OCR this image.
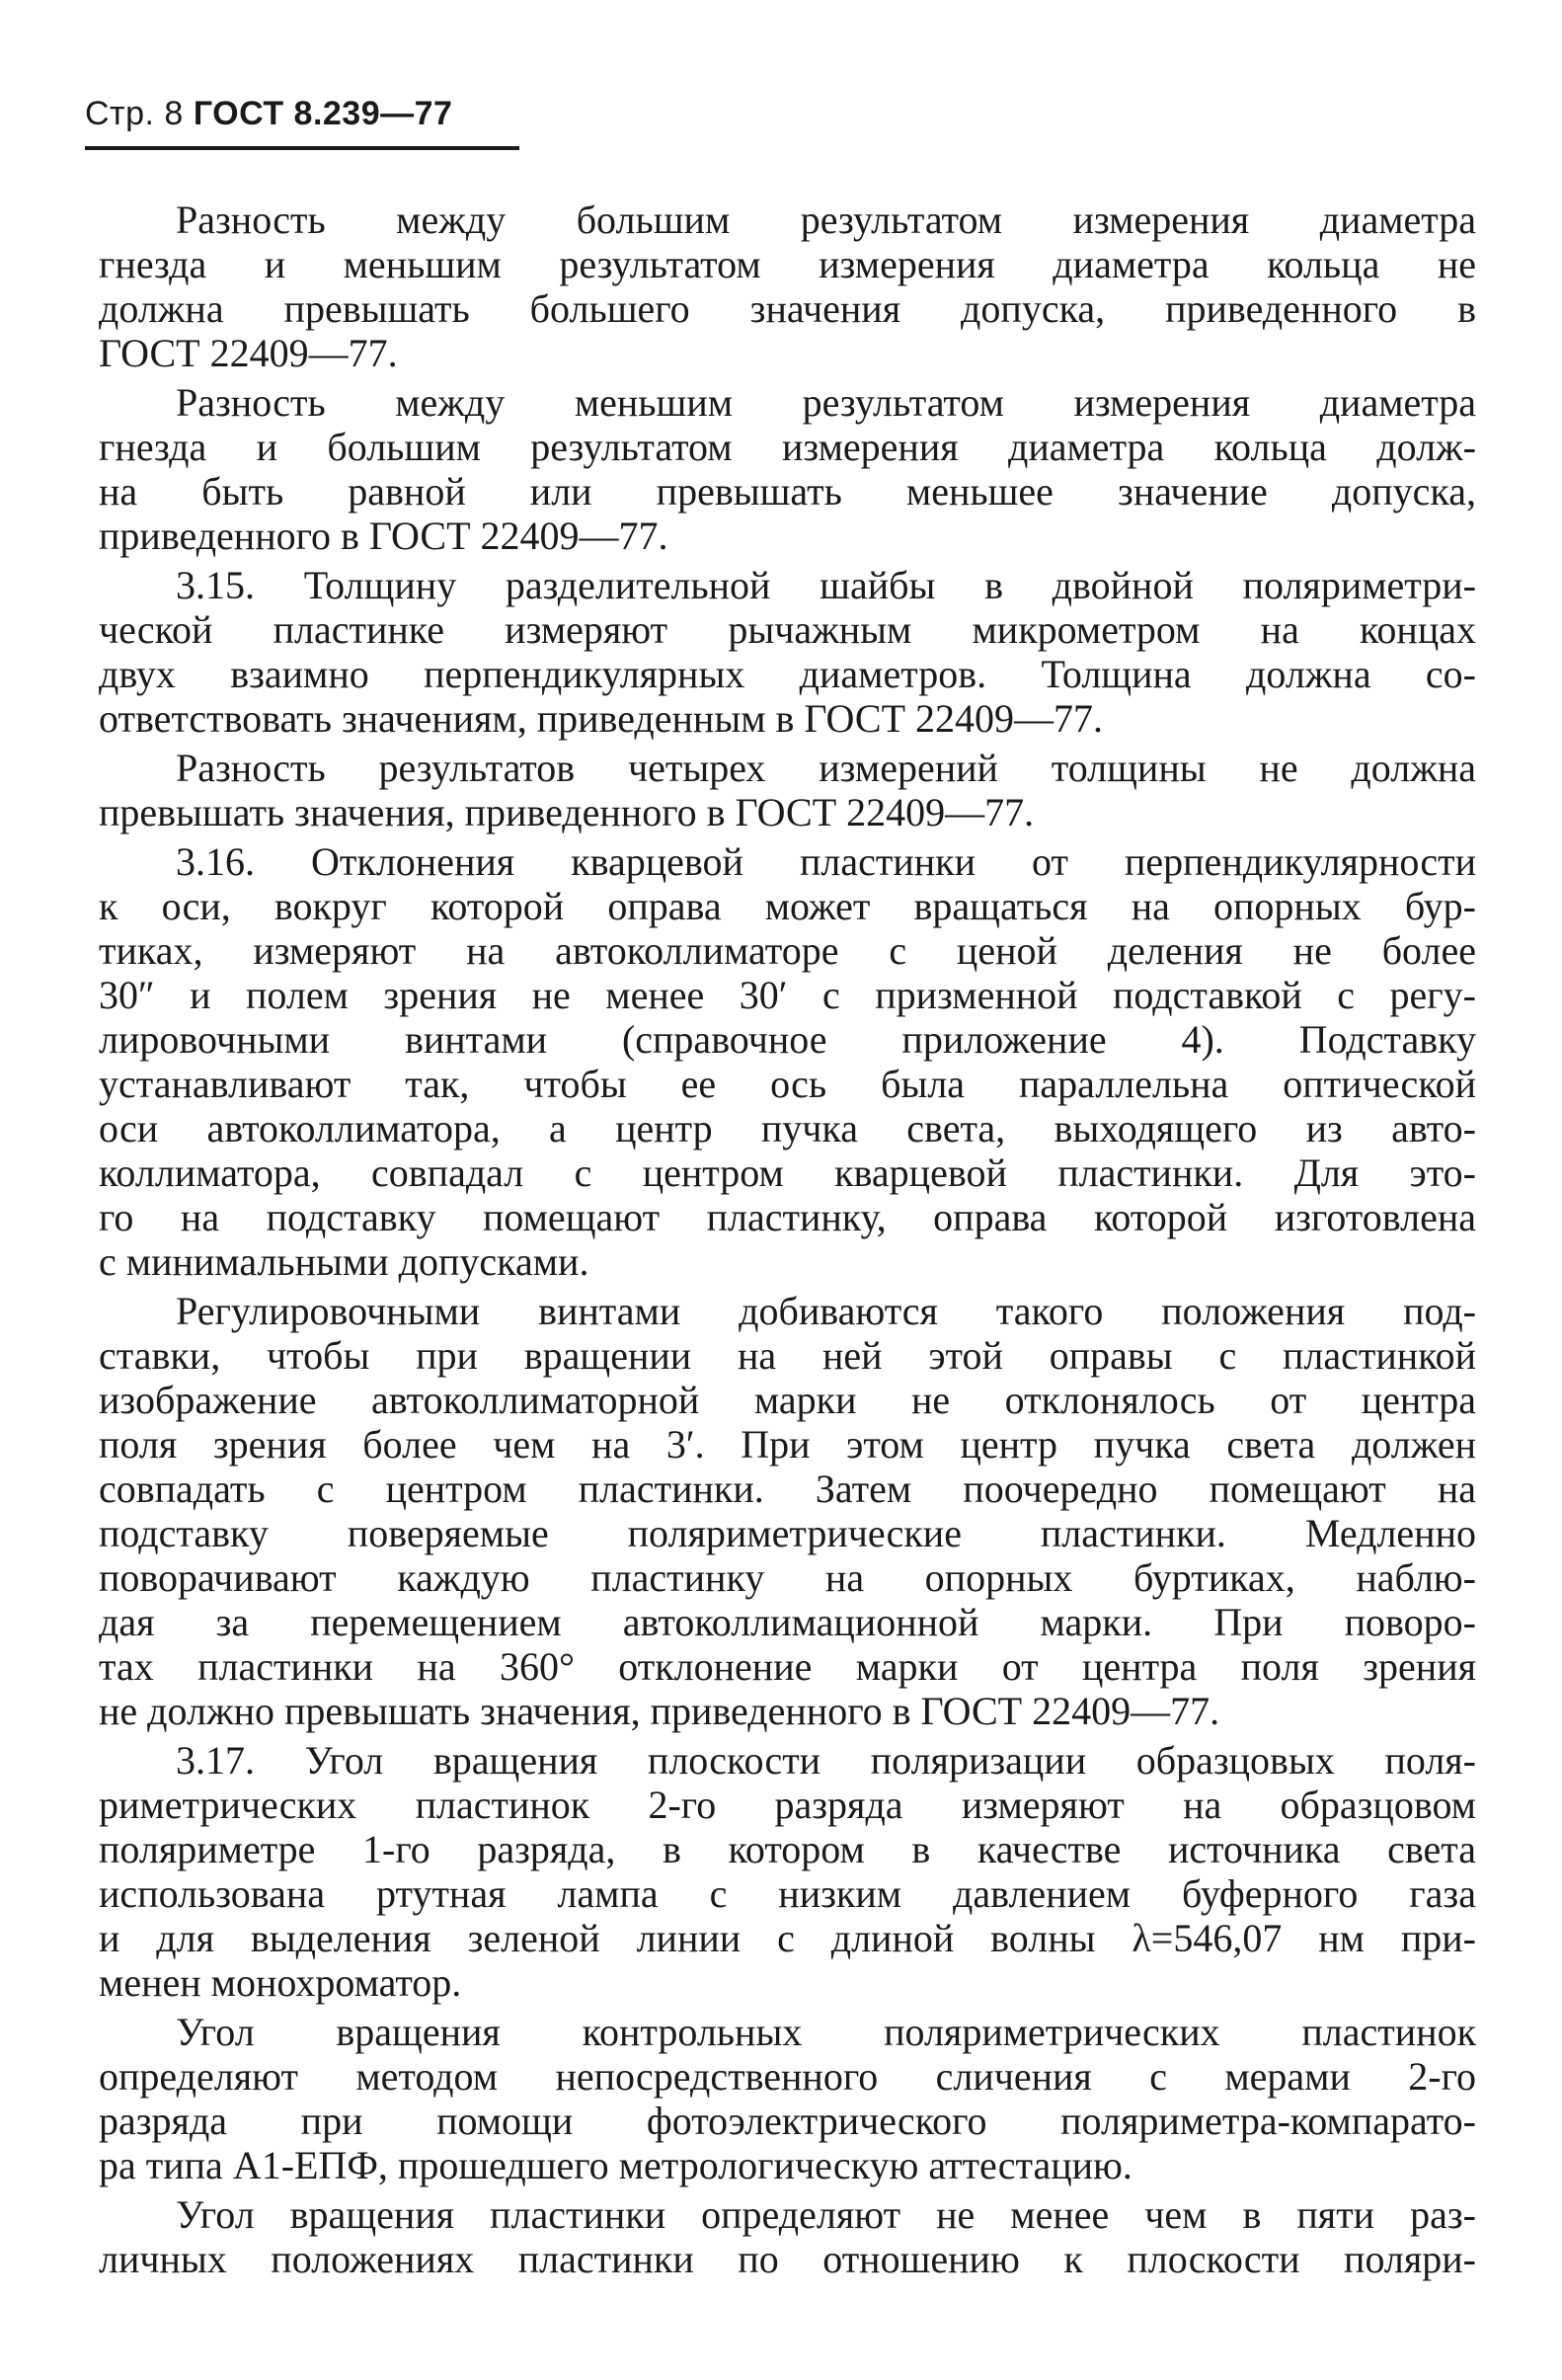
Стр. 8 ГОСТ 8.239—77
Разность между большим результатом измерения диаметра
гнезда и меньшим результатом измерения диаметра кольца не
должна превышать большего значения допуска, приведенного в
ГОСТ 22409—77.
Разность между меньшим результатом измерения диаметра
гнезда и большим результатом измерения диаметра кольца долж-
на быть равной или превышать меньшее значение допуска,
приведенного в ГОСТ 22409—77.
3.15. Толщину разделительной шайбы в двойной поляриметри-
ческой пластинке измеряют рычажным микрометром на концах
двух взаимно перпендикулярных диаметров. Толщина должна со-
ответствовать значениям, приведенным в ГОСТ 22409—77.
Разность результатов четырех измерений толщины не должна
превышать значения, приведенного в ГОСТ 22409—77.
3.16. Отклонения кварцевой пластинки от перпендикулярности
к оси, вокруг которой оправа может вращаться на опорных бур-
тиках, измеряют на автоколлиматоре с ценой деления не более
30″ и полем зрения не менее 30′ с призменной подставкой с регу-
лировочными винтами (справочное приложение 4). Подставку
устанавливают так, чтобы ее ось была параллельна оптической
оси автоколлиматора, а центр пучка света, выходящего из авто-
коллиматора, совпадал с центром кварцевой пластинки. Для это-
го на подставку помещают пластинку, оправа которой изготовлена
с минимальными допусками.
Регулировочными винтами добиваются такого положения под-
ставки, чтобы при вращении на ней этой оправы с пластинкой
изображение автоколлиматорной марки не отклонялось от центра
поля зрения более чем на 3′. При этом центр пучка света должен
совпадать с центром пластинки. Затем поочередно помещают на
подставку поверяемые поляриметрические пластинки. Медленно
поворачивают каждую пластинку на опорных буртиках, наблю-
дая за перемещением автоколлимационной марки. При поворо-
тах пластинки на 360° отклонение марки от центра поля зрения
не должно превышать значения, приведенного в ГОСТ 22409—77.
3.17. Угол вращения плоскости поляризации образцовых поля-
риметрических пластинок 2-го разряда измеряют на образцовом
поляриметре 1-го разряда, в котором в качестве источника света
использована ртутная лампа с низким давлением буферного газа
и для выделения зеленой линии с длиной волны λ=546,07 нм при-
менен монохроматор.
Угол вращения контрольных поляриметрических пластинок
определяют методом непосредственного сличения с мерами 2-го
разряда при помощи фотоэлектрического поляриметра-компарато-
ра типа А1-ЕПФ, прошедшего метрологическую аттестацию.
Угол вращения пластинки определяют не менее чем в пяти раз-
личных положениях пластинки по отношению к плоскости поляри-
